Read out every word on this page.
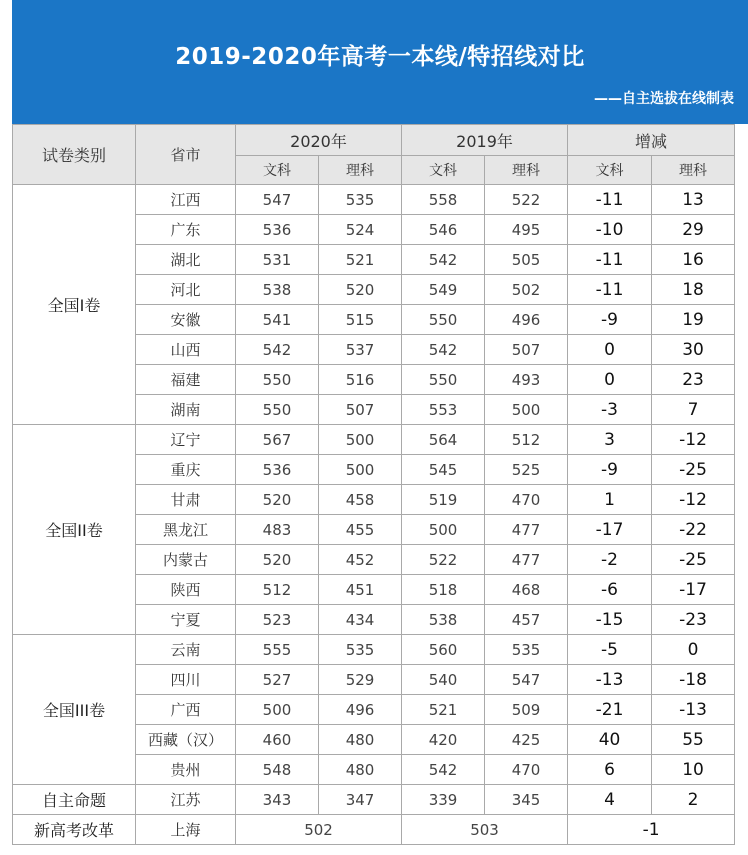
2019-2020年高考一本线/特招线对比
——自主选拔在线制表
试卷类别	省市	2020年		2019年		增减	
		文科	理科	文科	理科	文科	理科
全国I卷	江西	547	535	558	522	-11	13
	广东	536	524	546	495	-10	29
	湖北	531	521	542	505	-11	16
	河北	538	520	549	502	-11	18
	安徽	541	515	550	496	-9	19
	山西	542	537	542	507	0	30
	福建	550	516	550	493	0	23
	湖南	550	507	553	500	-3	7
全国II卷	辽宁	567	500	564	512	3	-12
	重庆	536	500	545	525	-9	-25
	甘肃	520	458	519	470	1	-12
	黑龙江	483	455	500	477	-17	-22
	内蒙古	520	452	522	477	-2	-25
	陕西	512	451	518	468	-6	-17
	宁夏	523	434	538	457	-15	-23
全国III卷	云南	555	535	560	535	-5	0
	四川	527	529	540	547	-13	-18
	广西	500	496	521	509	-21	-13
	西藏（汉）	460	480	420	425	40	55
	贵州	548	480	542	470	6	10
自主命题	江苏	343	347	339	345	4	2
新高考改革	上海	502		503		-1	
